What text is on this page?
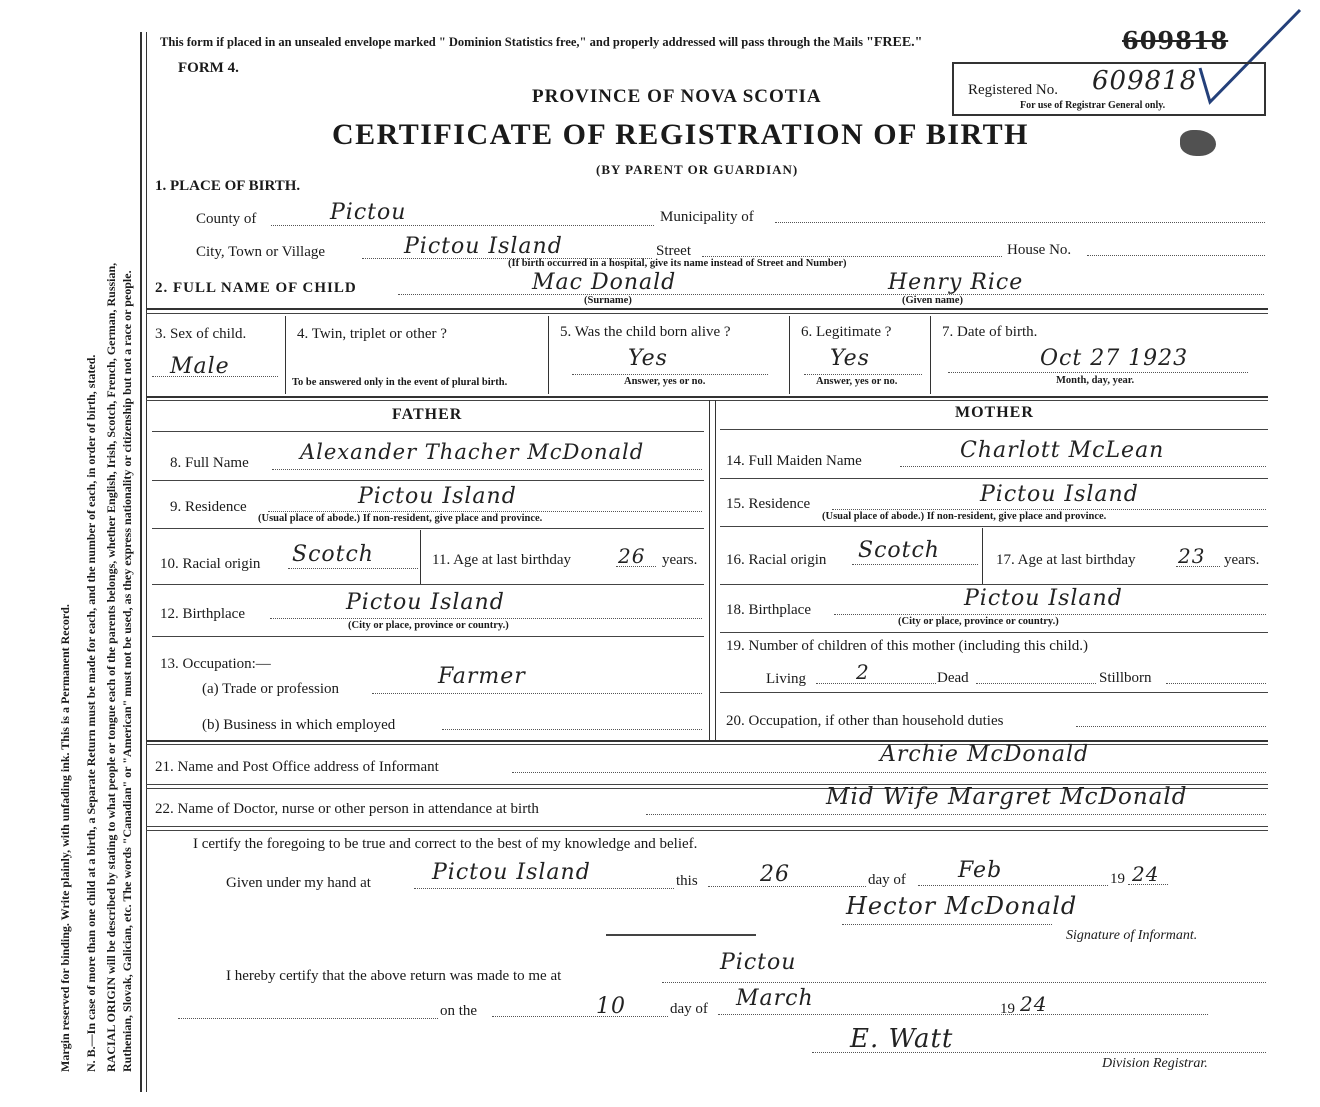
Margin reserved for binding. Write plainly, with unfading ink. This is a Permanent Record. N. B.—In case of more than one child at a birth, a Separate Return must be made for each, and the number of each, in order of birth, stated. RACIAL ORIGIN will be described by stating to what people or tongue each of the parents belongs, whether English, Irish, Scotch, French, German, Russian, Ruthenian, Slovak, Galician, etc. The words "Canadian" or "American" must not be used, as they express nationality or citizenship but not a race or people.
This form if placed in an unsealed envelope marked " Dominion Statistics free," and properly addressed will pass through the Mails "FREE."	609818
FORM 4.
Registered No. 609818
For use of Registrar General only.
PROVINCE OF NOVA SCOTIA
CERTIFICATE OF REGISTRATION OF BIRTH
(BY PARENT OR GUARDIAN)
1. PLACE OF BIRTH.
County of	Pictou	Municipality of
City, Town or Village	Pictou Island	Street	House No.
(If birth occurred in a hospital, give its name instead of Street and Number)
2. FULL NAME OF CHILD	Mac Donald
(Surname)
Henry Rice
(Given name)
3. Sex of child.
Male
4. Twin, triplet or other ?
To be answered only in the event of plural birth.
5. Was the child born alive ?
Yes
Answer, yes or no.
6. Legitimate ?
Yes
Answer, yes or no.
7. Date of birth.
Oct 27 1923
Month, day, year.
FATHER	MOTHER
8. Full Name Alexander Thacher McDonald
9. Residence	Pictou Island
(Usual place of abode.) If non-resident, give place and province.
10. Racial origin Scotch	11. Age at last birthday 26 years.
12. Birthplace	Pictou Island
(City or place, province or country.)
13. Occupation:—
(a) Trade or profession	Farmer
(b) Business in which employed
14. Full Maiden Name	Charlott McLean
15. Residence	Pictou Island
(Usual place of abode.) If non-resident, give place and province.
16. Racial origin Scotch	17. Age at last birthday 23 years.
18. Birthplace	Pictou Island
(City or place, province or country.)
19. Number of children of this mother (including this child.)
Living	2	Dead	Stillborn
20. Occupation, if other than household duties
21. Name and Post Office address of Informant	Archie McDonald
22. Name of Doctor, nurse or other person in attendance at birth	Mid Wife Margret McDonald
I certify the foregoing to be true and correct to the best of my knowledge and belief.
Given under my hand at	Pictou Island	this	26	day of Feb	19 24
Hector McDonald
Signature of Informant.
I hereby certify that the above return was made to me at
Pictou
on the	10	day of March	19 24
E. Watt
Division Registrar.
